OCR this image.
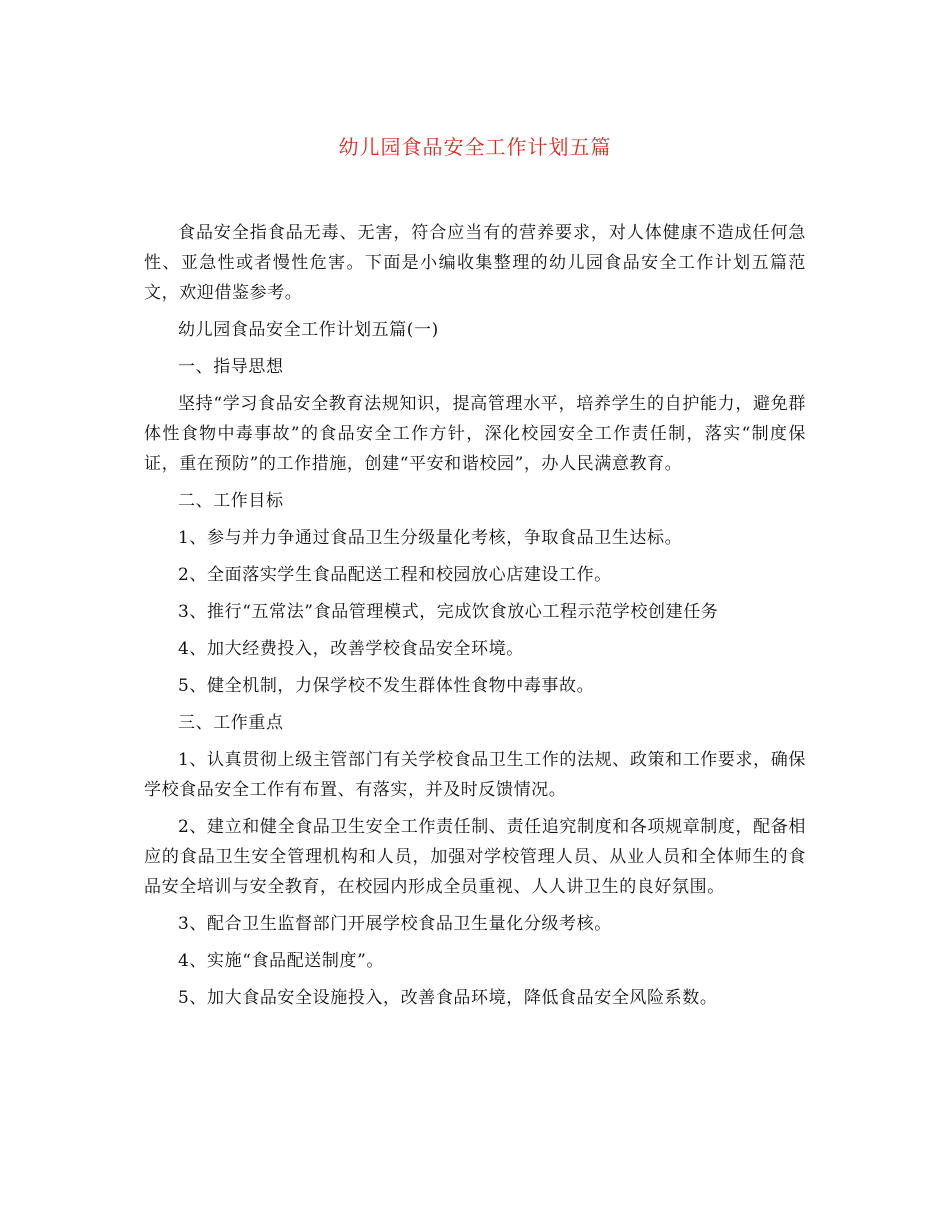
幼儿园食品安全工作计划五篇

食品安全指食品无毒、无害，符合应当有的营养要求，对人体健康不造成任何急性、亚急性或者慢性危害。下面是小编收集整理的幼儿园食品安全工作计划五篇范文，欢迎借鉴参考。

幼儿园食品安全工作计划五篇(一)

一、指导思想

坚持“学习食品安全教育法规知识，提高管理水平，培养学生的自护能力，避免群体性食物中毒事故”的食品安全工作方针，深化校园安全工作责任制，落实“制度保证，重在预防”的工作措施，创建“平安和谐校园”，办人民满意教育。

二、工作目标

1、参与并力争通过食品卫生分级量化考核，争取食品卫生达标。

2、全面落实学生食品配送工程和校园放心店建设工作。

3、推行“五常法”食品管理模式，完成饮食放心工程示范学校创建任务

4、加大经费投入，改善学校食品安全环境。

5、健全机制，力保学校不发生群体性食物中毒事故。

三、工作重点

1、认真贯彻上级主管部门有关学校食品卫生工作的法规、政策和工作要求，确保学校食品安全工作有布置、有落实，并及时反馈情况。

2、建立和健全食品卫生安全工作责任制、责任追究制度和各项规章制度，配备相应的食品卫生安全管理机构和人员，加强对学校管理人员、从业人员和全体师生的食品安全培训与安全教育，在校园内形成全员重视、人人讲卫生的良好氛围。

3、配合卫生监督部门开展学校食品卫生量化分级考核。

4、实施“食品配送制度”。

5、加大食品安全设施投入，改善食品环境，降低食品安全风险系数。
